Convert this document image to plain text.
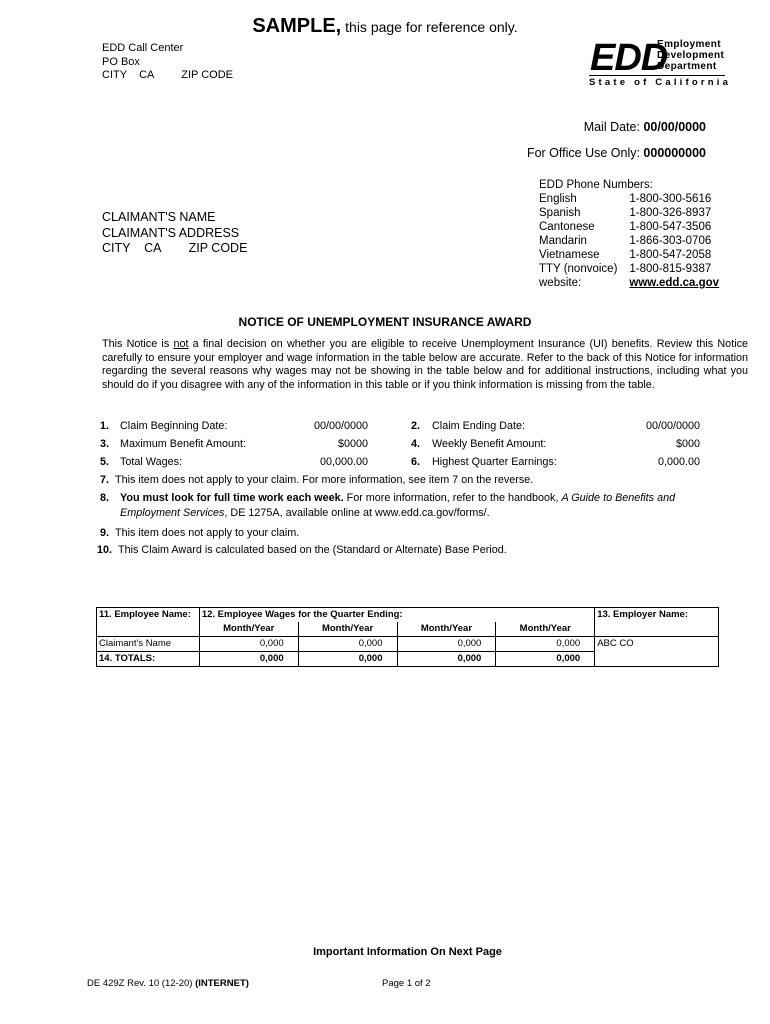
SAMPLE, this page for reference only.
EDD Call Center
PO Box
CITY    CA         ZIP CODE	EDD
Employment
Development
Department
State of California
Mail Date: 00/00/0000
For Office Use Only: 000000000
EDD Phone Numbers:
English	1-800-300-5616
Spanish	1-800-326-8937
Cantonese	1-800-547-3506
Mandarin	1-866-303-0706
Vietnamese	1-800-547-2058
TTY (nonvoice)	1-800-815-9387
website:	www.edd.ca.gov
CLAIMANT'S NAME
CLAIMANT'S ADDRESS
CITY    CA        ZIP CODE
NOTICE OF UNEMPLOYMENT INSURANCE AWARD
This Notice is not a final decision on whether you are eligible to receive Unemployment Insurance (UI) benefits. Review this Notice carefully to ensure your employer and wage information in the table below are accurate. Refer to the back of this Notice for information regarding the several reasons why wages may not be showing in the table below and for additional instructions, including what you should do if you disagree with any of the information in this table or if you think information is missing from the table.
1. Claim Beginning Date:	00/00/0000	2. Claim Ending Date:	00/00/0000
3. Maximum Benefit Amount:	$0000	4. Weekly Benefit Amount:	$000
5. Total Wages:	00,000.00	6. Highest Quarter Earnings:	0,000.00
7. This item does not apply to your claim. For more information, see item 7 on the reverse.
8. You must look for full time work each week. For more information, refer to the handbook, A Guide to Benefits and Employment Services, DE 1275A, available online at www.edd.ca.gov/forms/.
9. This item does not apply to your claim.
10. This Claim Award is calculated based on the (Standard or Alternate) Base Period.
11. Employee Name:	12. Employee Wages for the Quarter Ending:				13. Employer Name:
	Month/Year	Month/Year	Month/Year	Month/Year	
Claimant's Name	0,000	0,000	0,000	0,000	ABC CO
14. TOTALS:	0,000	0,000	0,000	0,000	
Important Information On Next Page
DE 429Z Rev. 10 (12-20) (INTERNET)	Page 1 of 2
